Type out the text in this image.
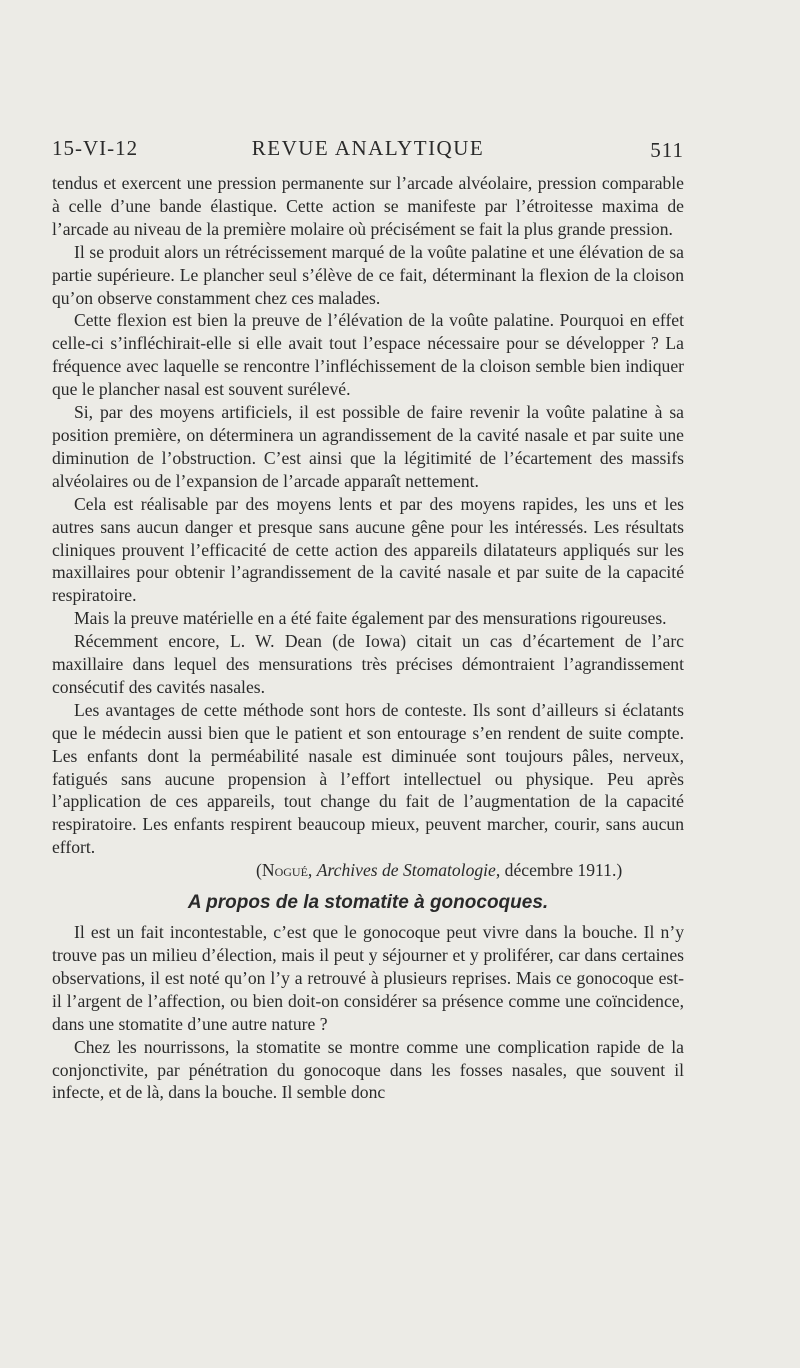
15-VI-12	REVUE ANALYTIQUE	511

tendus et exercent une pression permanente sur l’arcade alvéolaire, pression comparable à celle d’une bande élastique. Cette action se manifeste par l’étroitesse maxima de l’arcade au niveau de la première molaire où précisément se fait la plus grande pression.

Il se produit alors un rétrécissement marqué de la voûte palatine et une élévation de sa partie supérieure. Le plancher seul s’élève de ce fait, déterminant la flexion de la cloison qu’on observe constamment chez ces malades.

Cette flexion est bien la preuve de l’élévation de la voûte palatine. Pourquoi en effet celle-ci s’infléchirait-elle si elle avait tout l’espace nécessaire pour se développer ? La fréquence avec laquelle se rencontre l’infléchissement de la cloison semble bien indiquer que le plancher nasal est souvent surélevé.

Si, par des moyens artificiels, il est possible de faire revenir la voûte palatine à sa position première, on déterminera un agrandissement de la cavité nasale et par suite une diminution de l’obstruction. C’est ainsi que la légitimité de l’écartement des massifs alvéolaires ou de l’expansion de l’arcade apparaît nettement.

Cela est réalisable par des moyens lents et par des moyens rapides, les uns et les autres sans aucun danger et presque sans aucune gêne pour les intéressés. Les résultats cliniques prouvent l’efficacité de cette action des appareils dilatateurs appliqués sur les maxillaires pour obtenir l’agrandissement de la cavité nasale et par suite de la capacité respiratoire.

Mais la preuve matérielle en a été faite également par des mensurations rigoureuses.

Récemment encore, L. W. Dean (de Iowa) citait un cas d’écartement de l’arc maxillaire dans lequel des mensurations très précises démontraient l’agrandissement consécutif des cavités nasales.

Les avantages de cette méthode sont hors de conteste. Ils sont d’ailleurs si éclatants que le médecin aussi bien que le patient et son entourage s’en rendent de suite compte. Les enfants dont la perméabilité nasale est diminuée sont toujours pâles, nerveux, fatigués sans aucune propension à l’effort intellectuel ou physique. Peu après l’application de ces appareils, tout change du fait de l’augmentation de la capacité respiratoire. Les enfants respirent beaucoup mieux, peuvent marcher, courir, sans aucun effort.

(Nogué, Archives de Stomatologie, décembre 1911.)

A propos de la stomatite à gonocoques.

Il est un fait incontestable, c’est que le gonocoque peut vivre dans la bouche. Il n’y trouve pas un milieu d’élection, mais il peut y séjourner et y proliférer, car dans certaines observations, il est noté qu’on l’y a retrouvé à plusieurs reprises. Mais ce gonocoque est-il l’argent de l’affection, ou bien doit-on considérer sa présence comme une coïncidence, dans une stomatite d’une autre nature ?

Chez les nourrissons, la stomatite se montre comme une complication rapide de la conjonctivite, par pénétration du gonocoque dans les fosses nasales, que souvent il infecte, et de là, dans la bouche. Il semble donc
